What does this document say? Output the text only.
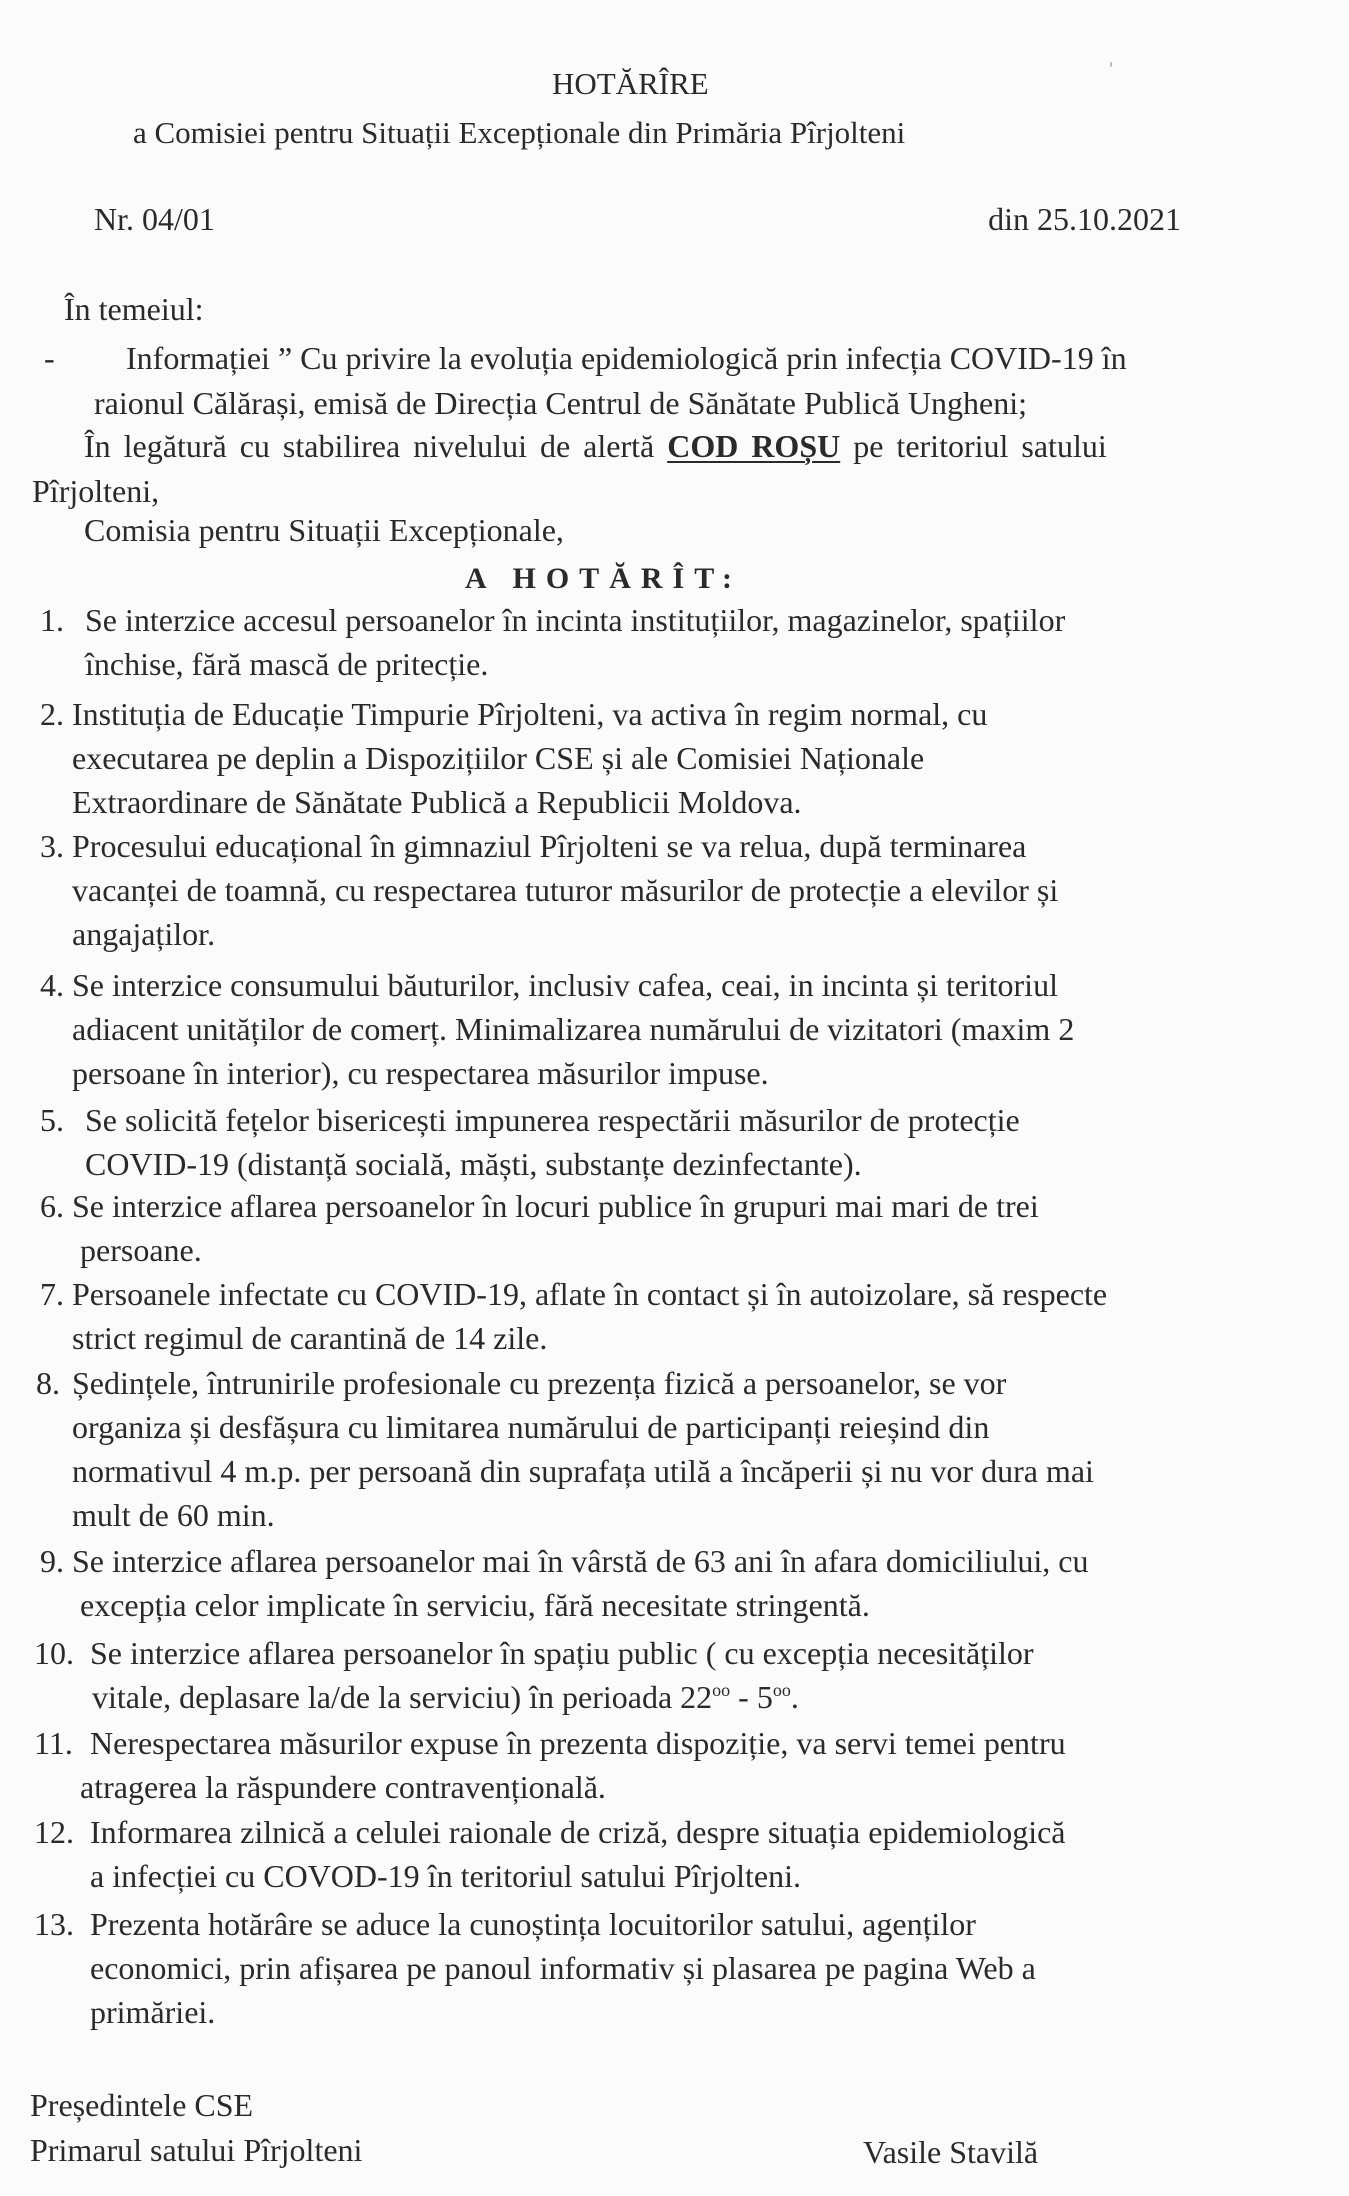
HOTĂRÎRE
a Comisiei pentru Situații Excepționale din Primăria Pîrjolteni
Nr. 04/01	din 25.10.2021
În temeiul:
- Informației ” Cu privire la evoluția epidemiologică prin infecția COVID-19 în
raionul Călărași, emisă de Direcția Centrul de Sănătate Publică Ungheni;
În legătură cu stabilirea nivelului de alertă COD ROȘU pe teritoriul satului
Pîrjolteni,
Comisia pentru Situații Excepționale,
A HOTĂRÎT:
1. Se interzice accesul persoanelor în incinta instituțiilor, magazinelor, spațiilor
închise, fără mască de pritecție.
2. Instituția de Educație Timpurie Pîrjolteni, va activa în regim normal, cu
executarea pe deplin a Dispozițiilor CSE și ale Comisiei Naționale
Extraordinare de Sănătate Publică a Republicii Moldova.
3. Procesului educațional în gimnaziul Pîrjolteni se va relua, după terminarea
vacanței de toamnă, cu respectarea tuturor măsurilor de protecție a elevilor și
angajaților.
4. Se interzice consumului băuturilor, inclusiv cafea, ceai, in incinta și teritoriul
adiacent unităților de comerț. Minimalizarea numărului de vizitatori (maxim 2
persoane în interior), cu respectarea măsurilor impuse.
5. Se solicită fețelor bisericești impunerea respectării măsurilor de protecție
COVID-19 (distanță socială, măști, substanțe dezinfectante).
6. Se interzice aflarea persoanelor în locuri publice în grupuri mai mari de trei
persoane.
7. Persoanele infectate cu COVID-19, aflate în contact și în autoizolare, să respecte
strict regimul de carantină de 14 zile.
8. Ședințele, întrunirile profesionale cu prezența fizică a persoanelor, se vor
organiza și desfășura cu limitarea numărului de participanți reieșind din
normativul 4 m.p. per persoană din suprafața utilă a încăperii și nu vor dura mai
mult de 60 min.
9. Se interzice aflarea persoanelor mai în vârstă de 63 ani în afara domiciliului, cu
excepția celor implicate în serviciu, fără necesitate stringentă.
10. Se interzice aflarea persoanelor în spațiu public ( cu excepția necesităților
vitale, deplasare la/de la serviciu) în perioada $22^{oo} - 5^{oo}$.
11. Nerespectarea măsurilor expuse în prezenta dispoziție, va servi temei pentru
atragerea la răspundere contravențională.
12. Informarea zilnică a celulei raionale de criză, despre situația epidemiologică
a infecției cu COVOD-19 în teritoriul satului Pîrjolteni.
13. Prezenta hotărâre se aduce la cunoștința locuitorilor satului, agenților
economici, prin afișarea pe panoul informativ și plasarea pe pagina Web a
primăriei.
Președintele CSE
Primarul satului Pîrjolteni	Vasile Stavilă
